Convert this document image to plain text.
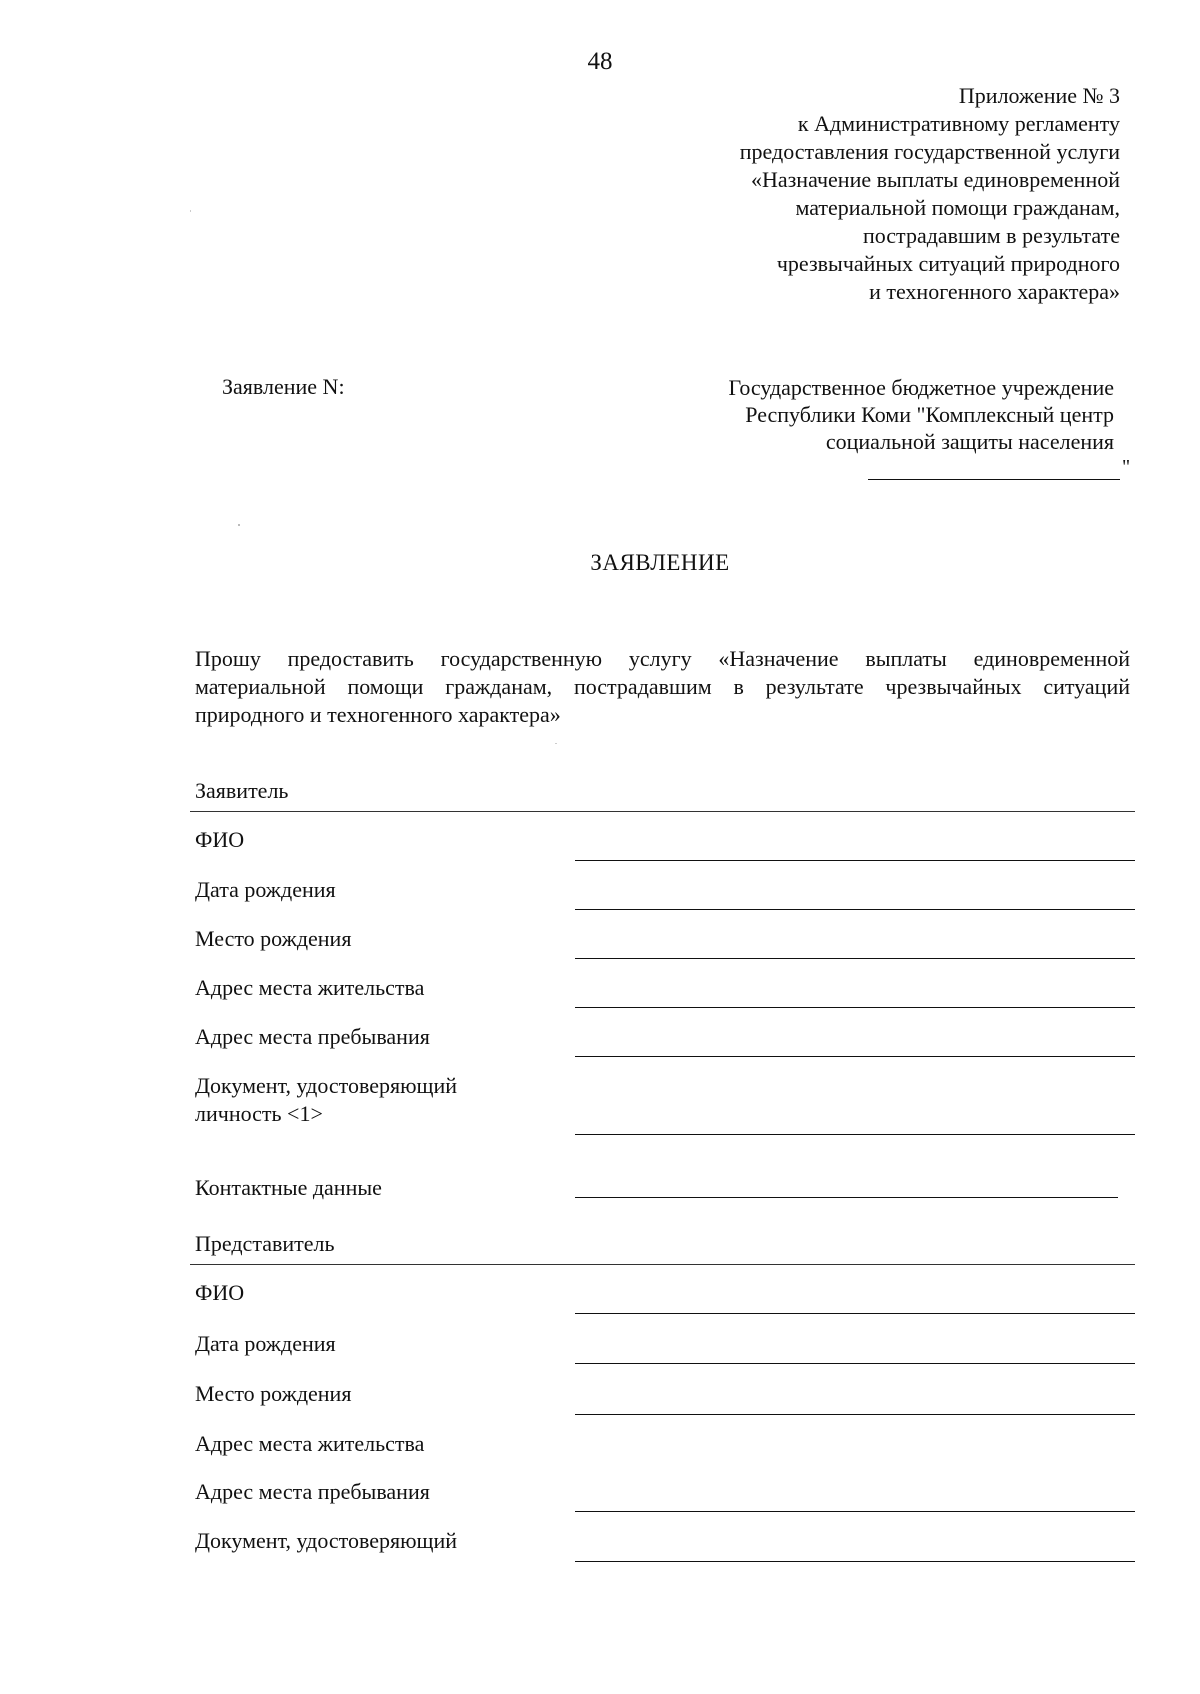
48
Приложение № 3
к Административному регламенту
предоставления государственной услуги
«Назначение выплаты единовременной
материальной помощи гражданам,
пострадавшим в результате
чрезвычайных ситуаций природного
и техногенного характера»
Заявление N:	Государственное бюджетное учреждение
Республики Коми "Комплексный центр
социальной защиты населения
"
ЗАЯВЛЕНИЕ
Прошу предоставить государственную услугу «Назначение выплаты единовременной материальной помощи гражданам, пострадавшим в результате чрезвычайных ситуаций природного и техногенного характера»
Заявитель
ФИО
Дата рождения
Место рождения
Адрес места жительства
Адрес места пребывания
Документ, удостоверяющий личность <1>
Контактные данные
Представитель
ФИО
Дата рождения
Место рождения
Адрес места жительства
Адрес места пребывания
Документ, удостоверяющий
